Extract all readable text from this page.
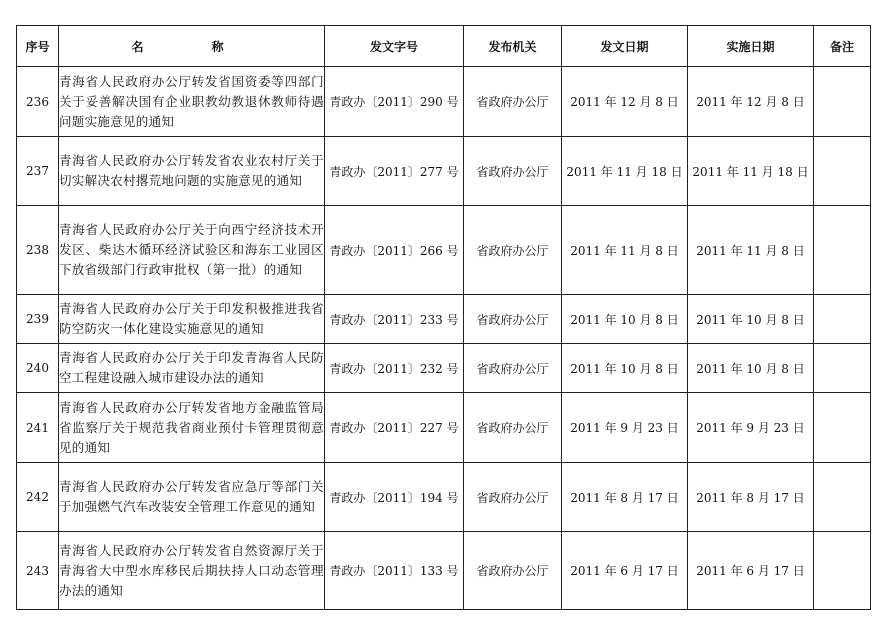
序号	名　称	发文字号	发布机关	发文日期	实施日期	备注
236	青海省人民政府办公厅转发省国资委等四部门关于妥善解决国有企业职教幼教退休教师待遇问题实施意见的通知	青政办〔2011〕290 号	省政府办公厅	2011 年 12 月 8 日	2011 年 12 月 8 日	
237	青海省人民政府办公厅转发省农业农村厅关于切实解决农村撂荒地问题的实施意见的通知	青政办〔2011〕277 号	省政府办公厅	2011 年 11 月 18 日	2011 年 11 月 18 日	
238	青海省人民政府办公厅关于向西宁经济技术开发区、柴达木循环经济试验区和海东工业园区下放省级部门行政审批权（第一批）的通知	青政办〔2011〕266 号	省政府办公厅	2011 年 11 月 8 日	2011 年 11 月 8 日	
239	青海省人民政府办公厅关于印发积极推进我省防空防灾一体化建设实施意见的通知	青政办〔2011〕233 号	省政府办公厅	2011 年 10 月 8 日	2011 年 10 月 8 日	
240	青海省人民政府办公厅关于印发青海省人民防空工程建设融入城市建设办法的通知	青政办〔2011〕232 号	省政府办公厅	2011 年 10 月 8 日	2011 年 10 月 8 日	
241	青海省人民政府办公厅转发省地方金融监管局省监察厅关于规范我省商业预付卡管理贯彻意见的通知	青政办〔2011〕227 号	省政府办公厅	2011 年 9 月 23 日	2011 年 9 月 23 日	
242	青海省人民政府办公厅转发省应急厅等部门关于加强燃气汽车改装安全管理工作意见的通知	青政办〔2011〕194 号	省政府办公厅	2011 年 8 月 17 日	2011 年 8 月 17 日	
243	青海省人民政府办公厅转发省自然资源厅关于青海省大中型水库移民后期扶持人口动态管理办法的通知	青政办〔2011〕133 号	省政府办公厅	2011 年 6 月 17 日	2011 年 6 月 17 日	
